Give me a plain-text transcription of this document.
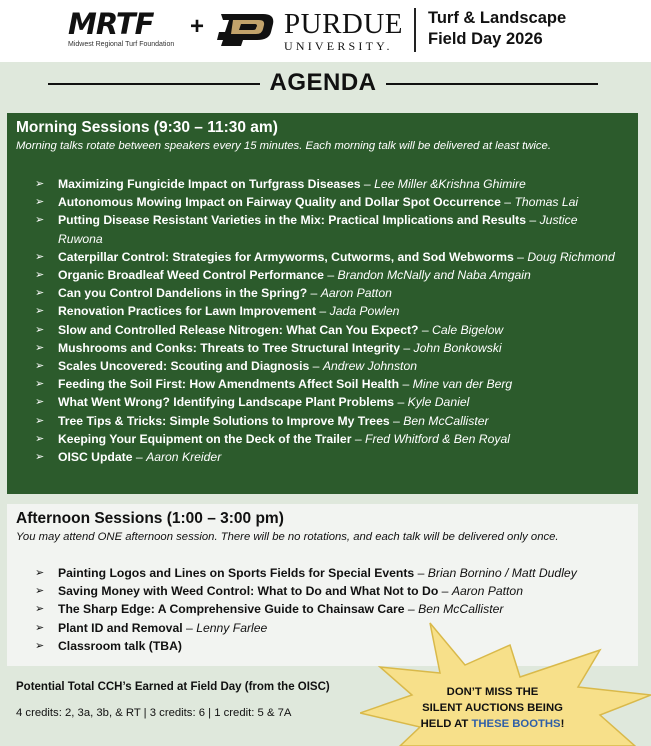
MRTF
Midwest Regional Turf Foundation
+	PURDUE
UNIVERSITY.
Turf & Landscape
Field Day 2026
AGENDA
Morning Sessions (9:30 – 11:30 am)
Morning talks rotate between speakers every 15 minutes. Each morning talk will be delivered at least twice.
➢ Maximizing Fungicide Impact on Turfgrass Diseases – Lee Miller &Krishna Ghimire
➢ Autonomous Mowing Impact on Fairway Quality and Dollar Spot Occurrence – Thomas Lai
➢ Putting Disease Resistant Varieties in the Mix: Practical Implications and Results – Justice Ruwona
➢ Caterpillar Control: Strategies for Armyworms, Cutworms, and Sod Webworms – Doug Richmond
➢ Organic Broadleaf Weed Control Performance – Brandon McNally and Naba Amgain
➢ Can you Control Dandelions in the Spring? – Aaron Patton
➢ Renovation Practices for Lawn Improvement – Jada Powlen
➢ Slow and Controlled Release Nitrogen: What Can You Expect? – Cale Bigelow
➢ Mushrooms and Conks: Threats to Tree Structural Integrity – John Bonkowski
➢ Scales Uncovered: Scouting and Diagnosis – Andrew Johnston
➢ Feeding the Soil First: How Amendments Affect Soil Health – Mine van der Berg
➢ What Went Wrong? Identifying Landscape Plant Problems – Kyle Daniel
➢ Tree Tips & Tricks: Simple Solutions to Improve My Trees – Ben McCallister
➢ Keeping Your Equipment on the Deck of the Trailer – Fred Whitford & Ben Royal
➢ OISC Update – Aaron Kreider
Afternoon Sessions (1:00 – 3:00 pm)
You may attend ONE afternoon session. There will be no rotations, and each talk will be delivered only once.
➢ Painting Logos and Lines on Sports Fields for Special Events – Brian Bornino / Matt Dudley
➢ Saving Money with Weed Control: What to Do and What Not to Do – Aaron Patton
➢ The Sharp Edge: A Comprehensive Guide to Chainsaw Care – Ben McCallister
➢ Plant ID and Removal – Lenny Farlee
➢ Classroom talk (TBA)
Potential Total CCH’s Earned at Field Day (from the OISC)
4 credits: 2, 3a, 3b, & RT | 3 credits: 6 | 1 credit: 5 & 7A
DON’T MISS THE
SILENT AUCTIONS BEING
HELD AT THESE BOOTHS!
